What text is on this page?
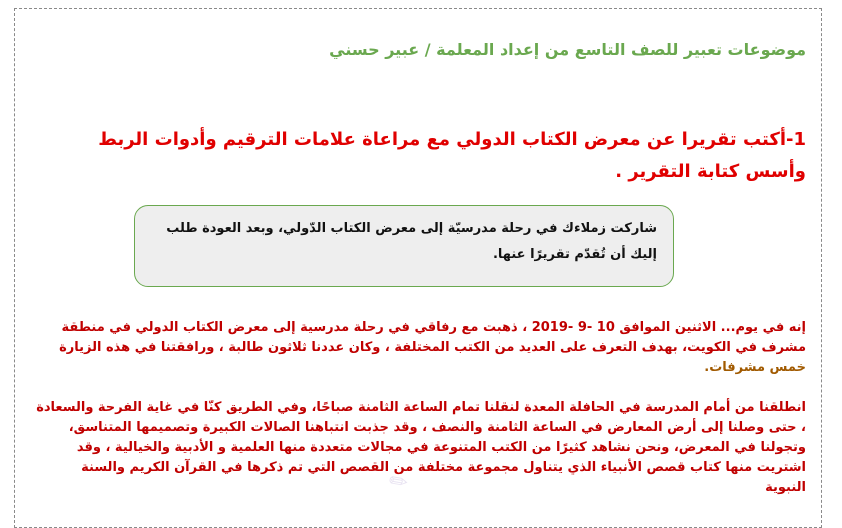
موضوعات تعبير للصف التاسع من إعداد المعلمة / عبير حسني
1-أكتب تقريرا عن معرض الكتاب الدولي مع مراعاة علامات الترقيم وأدوات الربط وأسس كتابة التقرير .
شاركت زملاءك في رحلة مدرسيّة إلى معرض الكتاب الدّولي، وبعد العودة طلب إليك أن تُقدّم تقريرًا عنها.
إنه في يوم... الاثنين الموافق 10 -9 -2019 ، ذهبت مع رفاقي في رحلة مدرسية إلى معرض الكتاب الدولي في منطقة مشرف في الكويت، بهدف التعرف على العديد من الكتب المختلفة ، وكان عددنا ثلاثون طالبة ، ورافقتنا في هذه الزيارة خمس مشرفات.
انطلقنا من أمام المدرسة في الحافلة المعدة لنقلنا تمام الساعة الثامنة صباحًا، وفي الطريق كنّا في غاية الفرحة والسعادة ، حتى وصلنا إلى أرض المعارض في الساعة الثامنة والنصف ، وقد جذبت انتباهنا الصالات الكبيرة وتصميمها المتناسق، وتجولنا في المعرض، ونحن نشاهد كثيرًا من الكتب المتنوعة في مجالات متعددة منها العلمية و الأدبية والخيالية ، وقد اشتريت منها كتاب قصص الأنبياء الذي يتناول مجموعة مختلفة من القصص التي تم ذكرها في القرآن الكريم والسنة النبوية
✎
